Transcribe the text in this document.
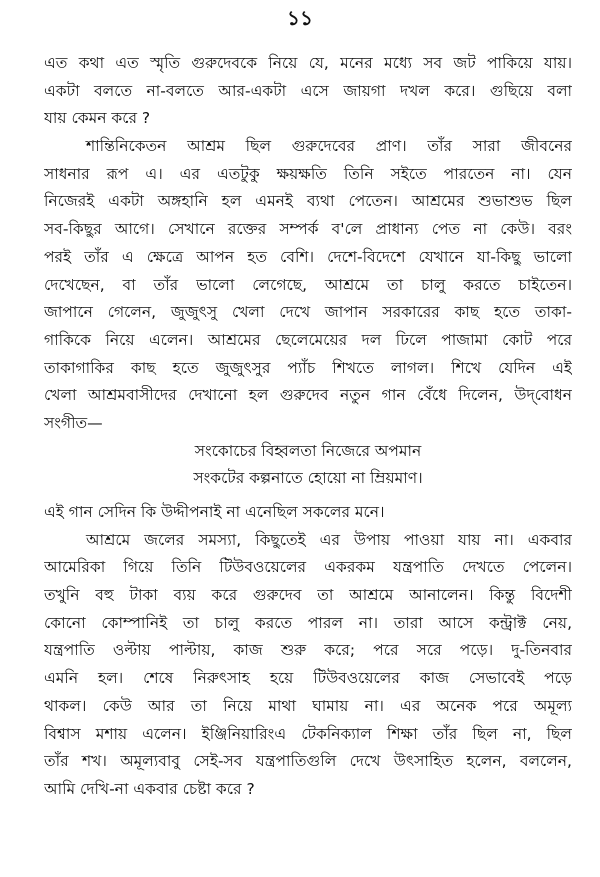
১১
এত কথা এত স্মৃতি গুরুদেবকে নিয়ে যে, মনের মধ্যে সব জট পাকিয়ে যায়।
একটা বলতে না-বলতে আর-একটা এসে জায়গা দখল করে। গুছিয়ে বলা
যায় কেমন করে ?
শান্তিনিকেতন আশ্রম ছিল গুরুদেবের প্রাণ। তাঁর সারা জীবনের
সাধনার রূপ এ। এর এতটুকু ক্ষয়ক্ষতি তিনি সইতে পারতেন না। যেন
নিজেরই একটা অঙ্গহানি হল এমনই ব্যথা পেতেন। আশ্রমের শুভাশুভ ছিল
সব-কিছুর আগে। সেখানে রক্তের সম্পর্ক ব'লে প্রাধান্য পেত না কেউ। বরং
পরই তাঁর এ ক্ষেত্রে আপন হত বেশি। দেশে-বিদেশে যেখানে যা-কিছু ভালো
দেখেছেন, বা তাঁর ভালো লেগেছে, আশ্রমে তা চালু করতে চাইতেন।
জাপানে গেলেন, জুজুৎসু খেলা দেখে জাপান সরকারের কাছ হতে তাকা-
গাকিকে নিয়ে এলেন। আশ্রমের ছেলেমেয়ের দল ঢিলে পাজামা কোট পরে
তাকাগাকির কাছ হতে জুজুৎসুর প্যাঁচ শিখতে লাগল। শিখে যেদিন এই
খেলা আশ্রমবাসীদের দেখানো হল গুরুদেব নতুন গান বেঁধে দিলেন, উদ্‌বোধন
সংগীত—
সংকোচের বিহ্বলতা নিজেরে অপমান
সংকটের কল্পনাতে হোয়ো না ম্রিয়মাণ।
এই গান সেদিন কি উদ্দীপনাই না এনেছিল সকলের মনে।
আশ্রমে জলের সমস্যা, কিছুতেই এর উপায় পাওয়া যায় না। একবার
আমেরিকা গিয়ে তিনি টিউবওয়েলের একরকম যন্ত্রপাতি দেখতে পেলেন।
তখুনি বহু টাকা ব্যয় করে গুরুদেব তা আশ্রমে আনালেন। কিন্তু বিদেশী
কোনো কোম্পানিই তা চালু করতে পারল না। তারা আসে কন্ট্রাক্ট নেয়,
যন্ত্রপাতি ওল্টায় পাল্টায়, কাজ শুরু করে; পরে সরে পড়ে। দু-তিনবার
এমনি হল। শেষে নিরুৎসাহ হয়ে টিউবওয়েলের কাজ সেভাবেই পড়ে
থাকল। কেউ আর তা নিয়ে মাথা ঘামায় না। এর অনেক পরে অমূল্য
বিশ্বাস মশায় এলেন। ইঞ্জিনিয়ারিংএ টেকনিক্যাল শিক্ষা তাঁর ছিল না, ছিল
তাঁর শখ। অমূল্যবাবু সেই-সব যন্ত্রপাতিগুলি দেখে উৎসাহিত হলেন, বললেন,
আমি দেখি-না একবার চেষ্টা করে ?
